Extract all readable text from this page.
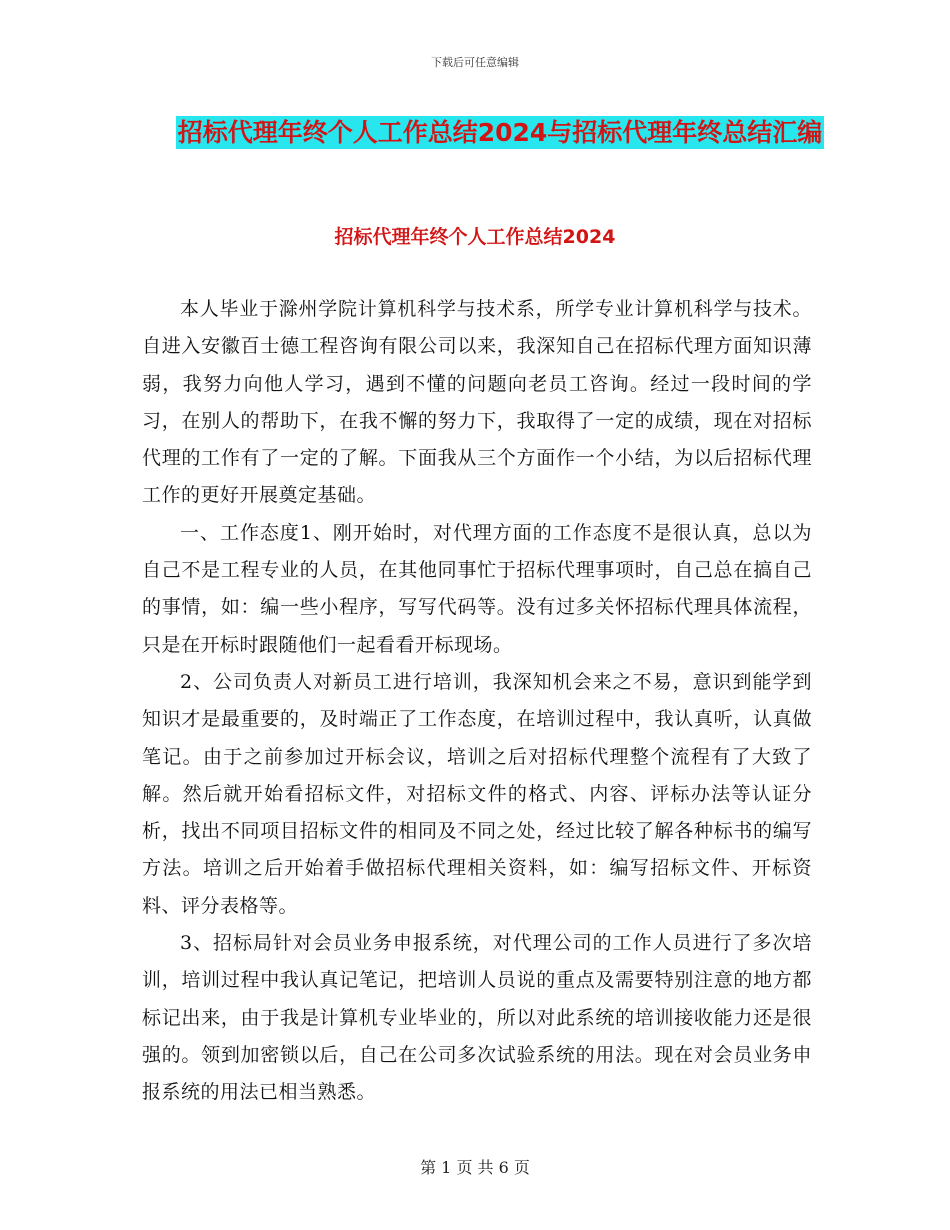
下载后可任意编辑
招标代理年终个人工作总结2024与招标代理年终总结汇编
招标代理年终个人工作总结2024

本人毕业于滁州学院计算机科学与技术系，所学专业计算机科学与技术。自进入安徽百士德工程咨询有限公司以来，我深知自己在招标代理方面知识薄弱，我努力向他人学习，遇到不懂的问题向老员工咨询。经过一段时间的学习，在别人的帮助下，在我不懈的努力下，我取得了一定的成绩，现在对招标代理的工作有了一定的了解。下面我从三个方面作一个小结，为以后招标代理工作的更好开展奠定基础。

一、工作态度1、刚开始时，对代理方面的工作态度不是很认真，总以为自己不是工程专业的人员，在其他同事忙于招标代理事项时，自己总在搞自己的事情，如：编一些小程序，写写代码等。没有过多关怀招标代理具体流程，只是在开标时跟随他们一起看看开标现场。

2、公司负责人对新员工进行培训，我深知机会来之不易，意识到能学到知识才是最重要的，及时端正了工作态度，在培训过程中，我认真听，认真做笔记。由于之前参加过开标会议，培训之后对招标代理整个流程有了大致了解。然后就开始看招标文件，对招标文件的格式、内容、评标办法等认证分析，找出不同项目招标文件的相同及不同之处，经过比较了解各种标书的编写方法。培训之后开始着手做招标代理相关资料，如：编写招标文件、开标资料、评分表格等。

3、招标局针对会员业务申报系统，对代理公司的工作人员进行了多次培训，培训过程中我认真记笔记，把培训人员说的重点及需要特别注意的地方都标记出来，由于我是计算机专业毕业的，所以对此系统的培训接收能力还是很强的。领到加密锁以后，自己在公司多次试验系统的用法。现在对会员业务申报系统的用法已相当熟悉。

第 1 页 共 6 页
